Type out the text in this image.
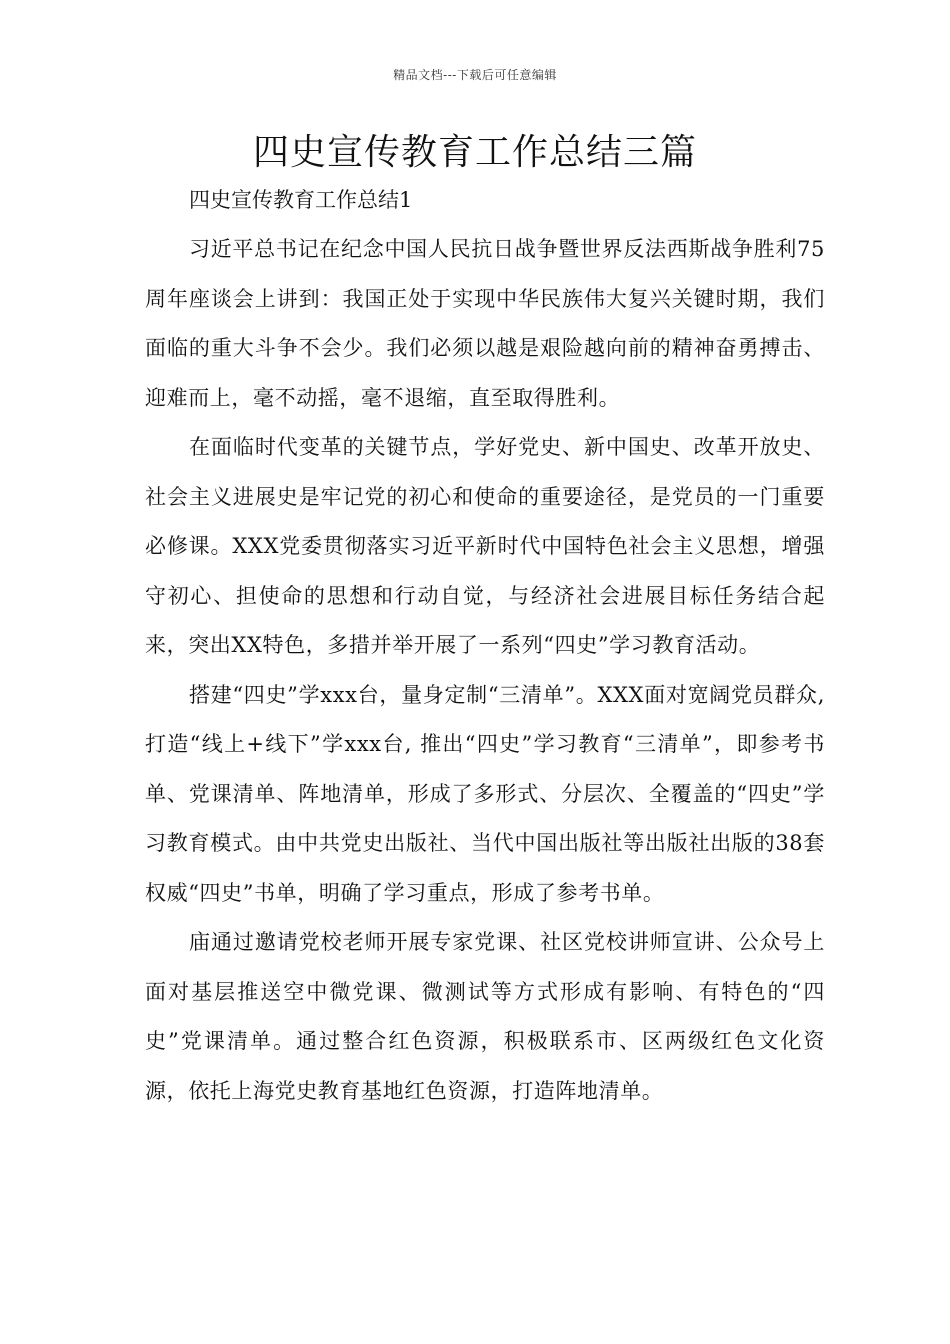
精品文档---下载后可任意编辑
四史宣传教育工作总结三篇

四史宣传教育工作总结1

习近平总书记在纪念中国人民抗日战争暨世界反法西斯战争胜利75周年座谈会上讲到：我国正处于实现中华民族伟大复兴关键时期，我们面临的重大斗争不会少。我们必须以越是艰险越向前的精神奋勇搏击、迎难而上，毫不动摇，毫不退缩，直至取得胜利。

在面临时代变革的关键节点，学好党史、新中国史、改革开放史、社会主义进展史是牢记党的初心和使命的重要途径，是党员的一门重要必修课。XXX党委贯彻落实习近平新时代中国特色社会主义思想，增强守初心、担使命的思想和行动自觉，与经济社会进展目标任务结合起来，突出XX特色，多措并举开展了一系列“四史”学习教育活动。

搭建“四史”学xxx台，量身定制“三清单”。XXX面对宽阔党员群众,打造“线上+线下”学xxx台, 推出“四史”学习教育“三清单”，即参考书单、党课清单、阵地清单，形成了多形式、分层次、全覆盖的“四史”学习教育模式。由中共党史出版社、当代中国出版社等出版社出版的38套权威“四史”书单，明确了学习重点，形成了参考书单。

庙通过邀请党校老师开展专家党课、社区党校讲师宣讲、公众号上面对基层推送空中微党课、微测试等方式形成有影响、有特色的“四史”党课清单。通过整合红色资源，积极联系市、区两级红色文化资源，依托上海党史教育基地红色资源，打造阵地清单。
